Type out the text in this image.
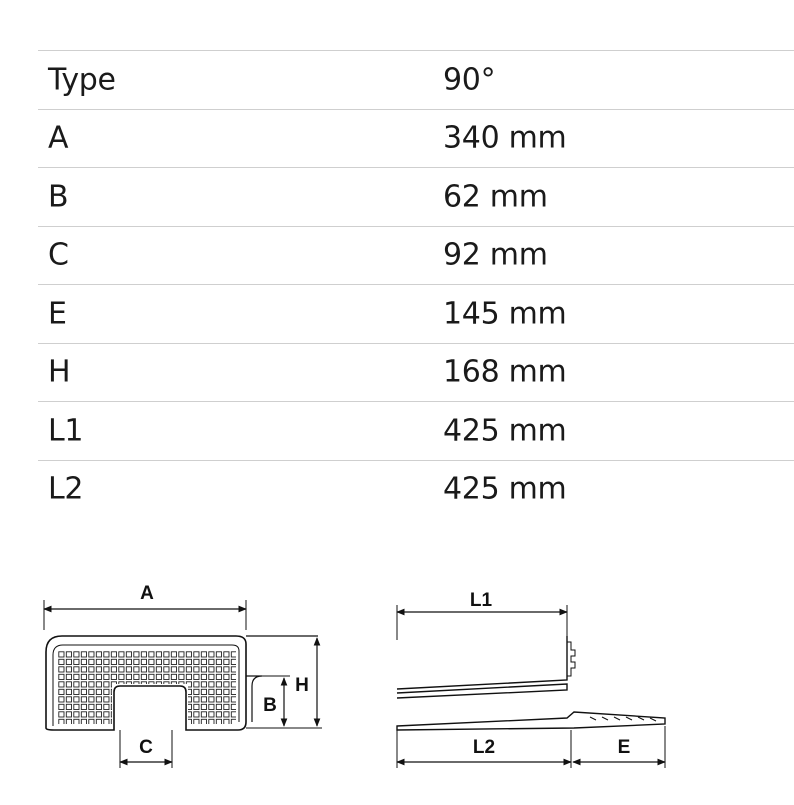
Type	90°
A	340 mm
B	62 mm
C	92 mm
E	145 mm
H	168 mm
L1	425 mm
L2	425 mm
A
B
H
C
L1
L2	E
